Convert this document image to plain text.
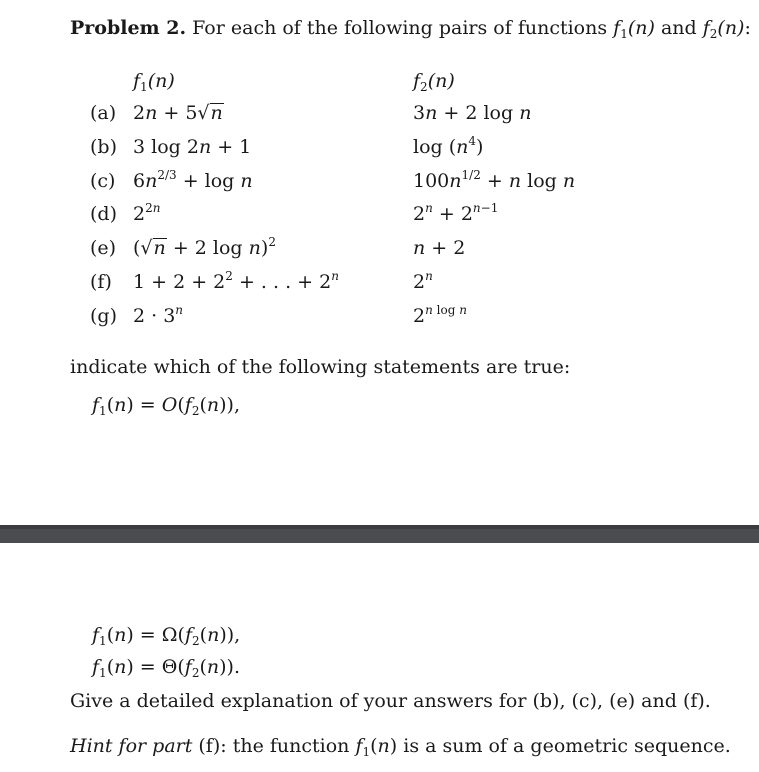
Problem 2. For each of the following pairs of functions $f_1(n)$ and $f_2(n)$:
$f_1(n)$	$f_2(n)$
(a) 2n + 5√n	3n + 2 log n
(b) 3 log 2n + 1	$\log (n^4)$
(c) $6n^{2/3} + \log n$	$100n^{1/2} + n$ log n
(d) $2^{2n}$	$2^n + 2^{n-1}$
(e) (√n + 2 log n)$^2$	n + 2
(f) $1 + 2 + 2^2$ + . . . + $2^n$	2$^n$
(g) $2 \cdot 3^n$	$2^{n log n}$
indicate which of the following statements are true:
$f_1(n) = O(f_2(n))$,
$f_1(n) = \Omega(f_2(n))$,
$f_1(n) = \Theta(f_2(n))$.
Give a detailed explanation of your answers for (b), (c), (e) and (f).
Hint for part (f): the function $f_1(n)$ is a sum of a geometric sequence.
